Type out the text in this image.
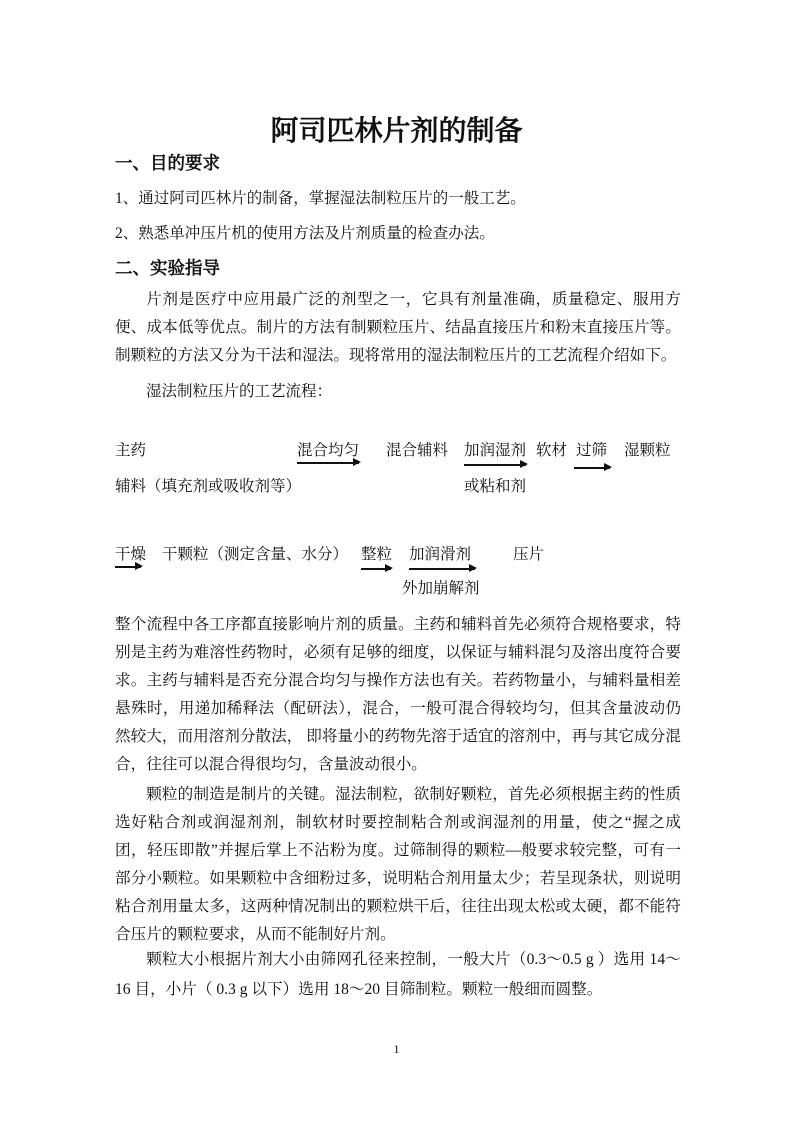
阿司匹林片剂的制备
一、目的要求
1、通过阿司匹林片的制备，掌握湿法制粒压片的一般工艺。
2、熟悉单冲压片机的使用方法及片剂质量的检查办法。
二、实验指导
片剂是医疗中应用最广泛的剂型之一，它具有剂量准确，质量稳定、服用方便、成本低等优点。制片的方法有制颗粒压片、结晶直接压片和粉末直接压片等。制颗粒的方法又分为干法和湿法。现将常用的湿法制粒压片的工艺流程介绍如下。
湿法制粒压片的工艺流程：
主药
辅料（填充剂或吸收剂等）
混合均匀 混合辅料 加润湿剂
或粘和剂
软材 过筛 湿颗粒
干燥 干颗粒（测定含量、水分） 整粒 加润滑剂
外加崩解剂
压片
整个流程中各工序都直接影响片剂的质量。主药和辅料首先必须符合规格要求，特别是主药为难溶性药物时，必须有足够的细度，以保证与辅料混匀及溶出度符合要求。主药与辅料是否充分混合均匀与操作方法也有关。若药物量小，与辅料量相差悬殊时，用递加稀释法（配研法），混合，一般可混合得较均匀，但其含量波动仍然较大，而用溶剂分散法， 即将量小的药物先溶于适宜的溶剂中，再与其它成分混合，往往可以混合得很均匀，含量波动很小。
颗粒的制造是制片的关键。湿法制粒，欲制好颗粒，首先必须根据主药的性质选好粘合剂或润湿剂剂，制软材时要控制粘合剂或润湿剂的用量，使之“握之成团，轻压即散”并握后掌上不沾粉为度。过筛制得的颗粒—般要求较完整，可有一部分小颗粒。如果颗粒中含细粉过多，说明粘合剂用量太少；若呈现条状，则说明粘合剂用量太多，这两种情况制出的颗粒烘干后，往往出现太松或太硬，都不能符合压片的颗粒要求，从而不能制好片剂。
颗粒大小根据片剂大小由筛网孔径来控制，一般大片（0.3～0.5 g ）选用 14～16 目，小片（ 0.3 g 以下）选用 18～20 目筛制粒。颗粒一般细而圆整。
1
